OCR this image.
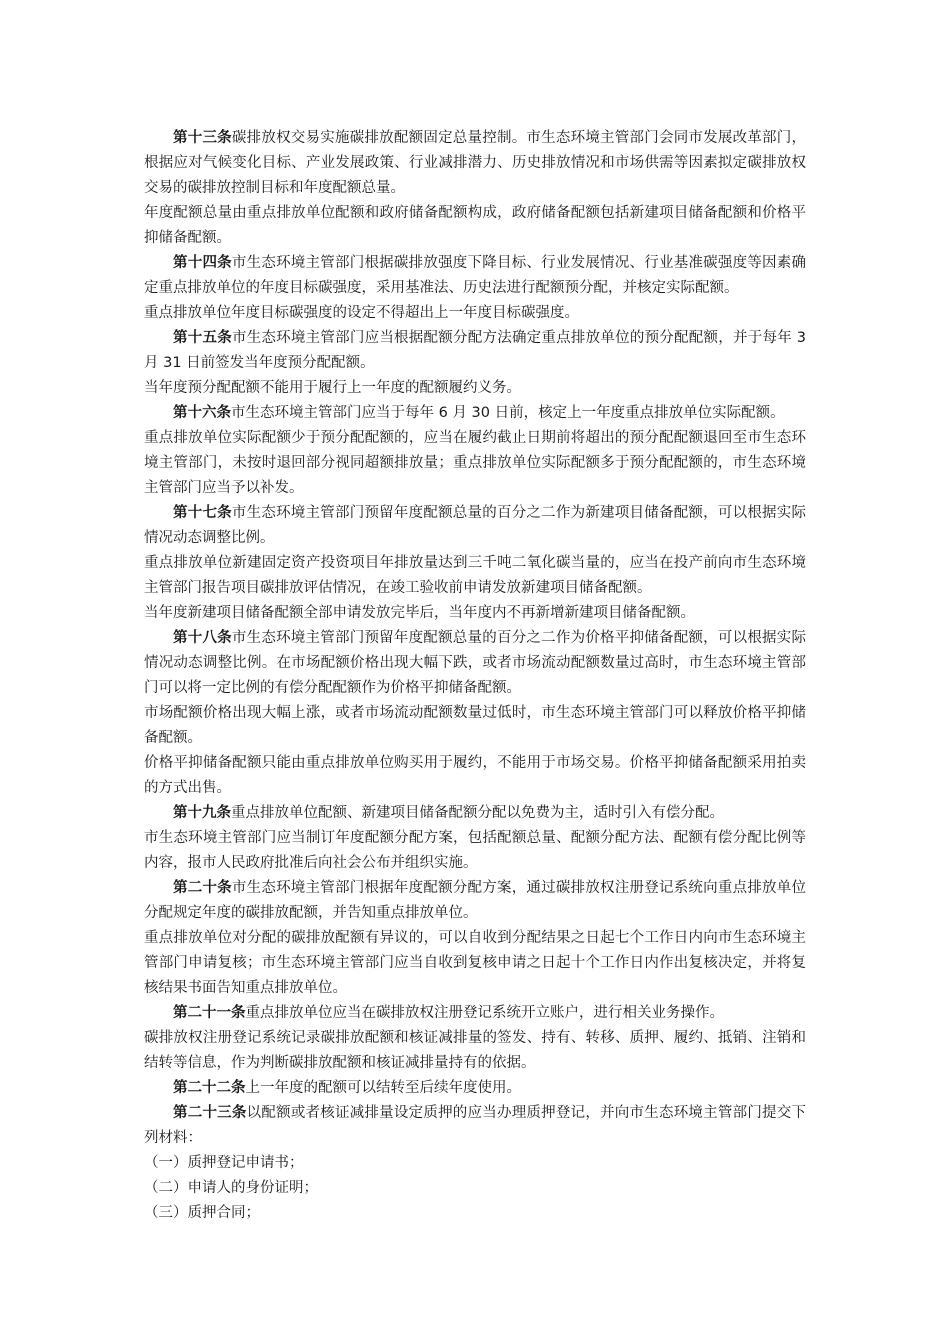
第十三条碳排放权交易实施碳排放配额固定总量控制。市生态环境主管部门会同市发展改革部门，根据应对气候变化目标、产业发展政策、行业减排潜力、历史排放情况和市场供需等因素拟定碳排放权交易的碳排放控制目标和年度配额总量。

年度配额总量由重点排放单位配额和政府储备配额构成，政府储备配额包括新建项目储备配额和价格平抑储备配额。

第十四条市生态环境主管部门根据碳排放强度下降目标、行业发展情况、行业基准碳强度等因素确定重点排放单位的年度目标碳强度，采用基准法、历史法进行配额预分配，并核定实际配额。

重点排放单位年度目标碳强度的设定不得超出上一年度目标碳强度。

第十五条市生态环境主管部门应当根据配额分配方法确定重点排放单位的预分配配额，并于每年 3 月 31 日前签发当年度预分配配额。

当年度预分配配额不能用于履行上一年度的配额履约义务。

第十六条市生态环境主管部门应当于每年 6 月 30 日前，核定上一年度重点排放单位实际配额。

重点排放单位实际配额少于预分配配额的，应当在履约截止日期前将超出的预分配配额退回至市生态环境主管部门，未按时退回部分视同超额排放量；重点排放单位实际配额多于预分配配额的，市生态环境主管部门应当予以补发。

第十七条市生态环境主管部门预留年度配额总量的百分之二作为新建项目储备配额，可以根据实际情况动态调整比例。

重点排放单位新建固定资产投资项目年排放量达到三千吨二氧化碳当量的，应当在投产前向市生态环境主管部门报告项目碳排放评估情况，在竣工验收前申请发放新建项目储备配额。

当年度新建项目储备配额全部申请发放完毕后，当年度内不再新增新建项目储备配额。

第十八条市生态环境主管部门预留年度配额总量的百分之二作为价格平抑储备配额，可以根据实际情况动态调整比例。在市场配额价格出现大幅下跌，或者市场流动配额数量过高时，市生态环境主管部门可以将一定比例的有偿分配配额作为价格平抑储备配额。

市场配额价格出现大幅上涨，或者市场流动配额数量过低时，市生态环境主管部门可以释放价格平抑储备配额。

价格平抑储备配额只能由重点排放单位购买用于履约，不能用于市场交易。价格平抑储备配额采用拍卖的方式出售。

第十九条重点排放单位配额、新建项目储备配额分配以免费为主，适时引入有偿分配。

市生态环境主管部门应当制订年度配额分配方案，包括配额总量、配额分配方法、配额有偿分配比例等内容，报市人民政府批准后向社会公布并组织实施。

第二十条市生态环境主管部门根据年度配额分配方案，通过碳排放权注册登记系统向重点排放单位分配规定年度的碳排放配额，并告知重点排放单位。

重点排放单位对分配的碳排放配额有异议的，可以自收到分配结果之日起七个工作日内向市生态环境主管部门申请复核；市生态环境主管部门应当自收到复核申请之日起十个工作日内作出复核决定，并将复核结果书面告知重点排放单位。

第二十一条重点排放单位应当在碳排放权注册登记系统开立账户，进行相关业务操作。

碳排放权注册登记系统记录碳排放配额和核证减排量的签发、持有、转移、质押、履约、抵销、注销和结转等信息，作为判断碳排放配额和核证减排量持有的依据。

第二十二条上一年度的配额可以结转至后续年度使用。

第二十三条以配额或者核证减排量设定质押的应当办理质押登记，并向市生态环境主管部门提交下列材料：

（一）质押登记申请书；

（二）申请人的身份证明；

（三）质押合同；
